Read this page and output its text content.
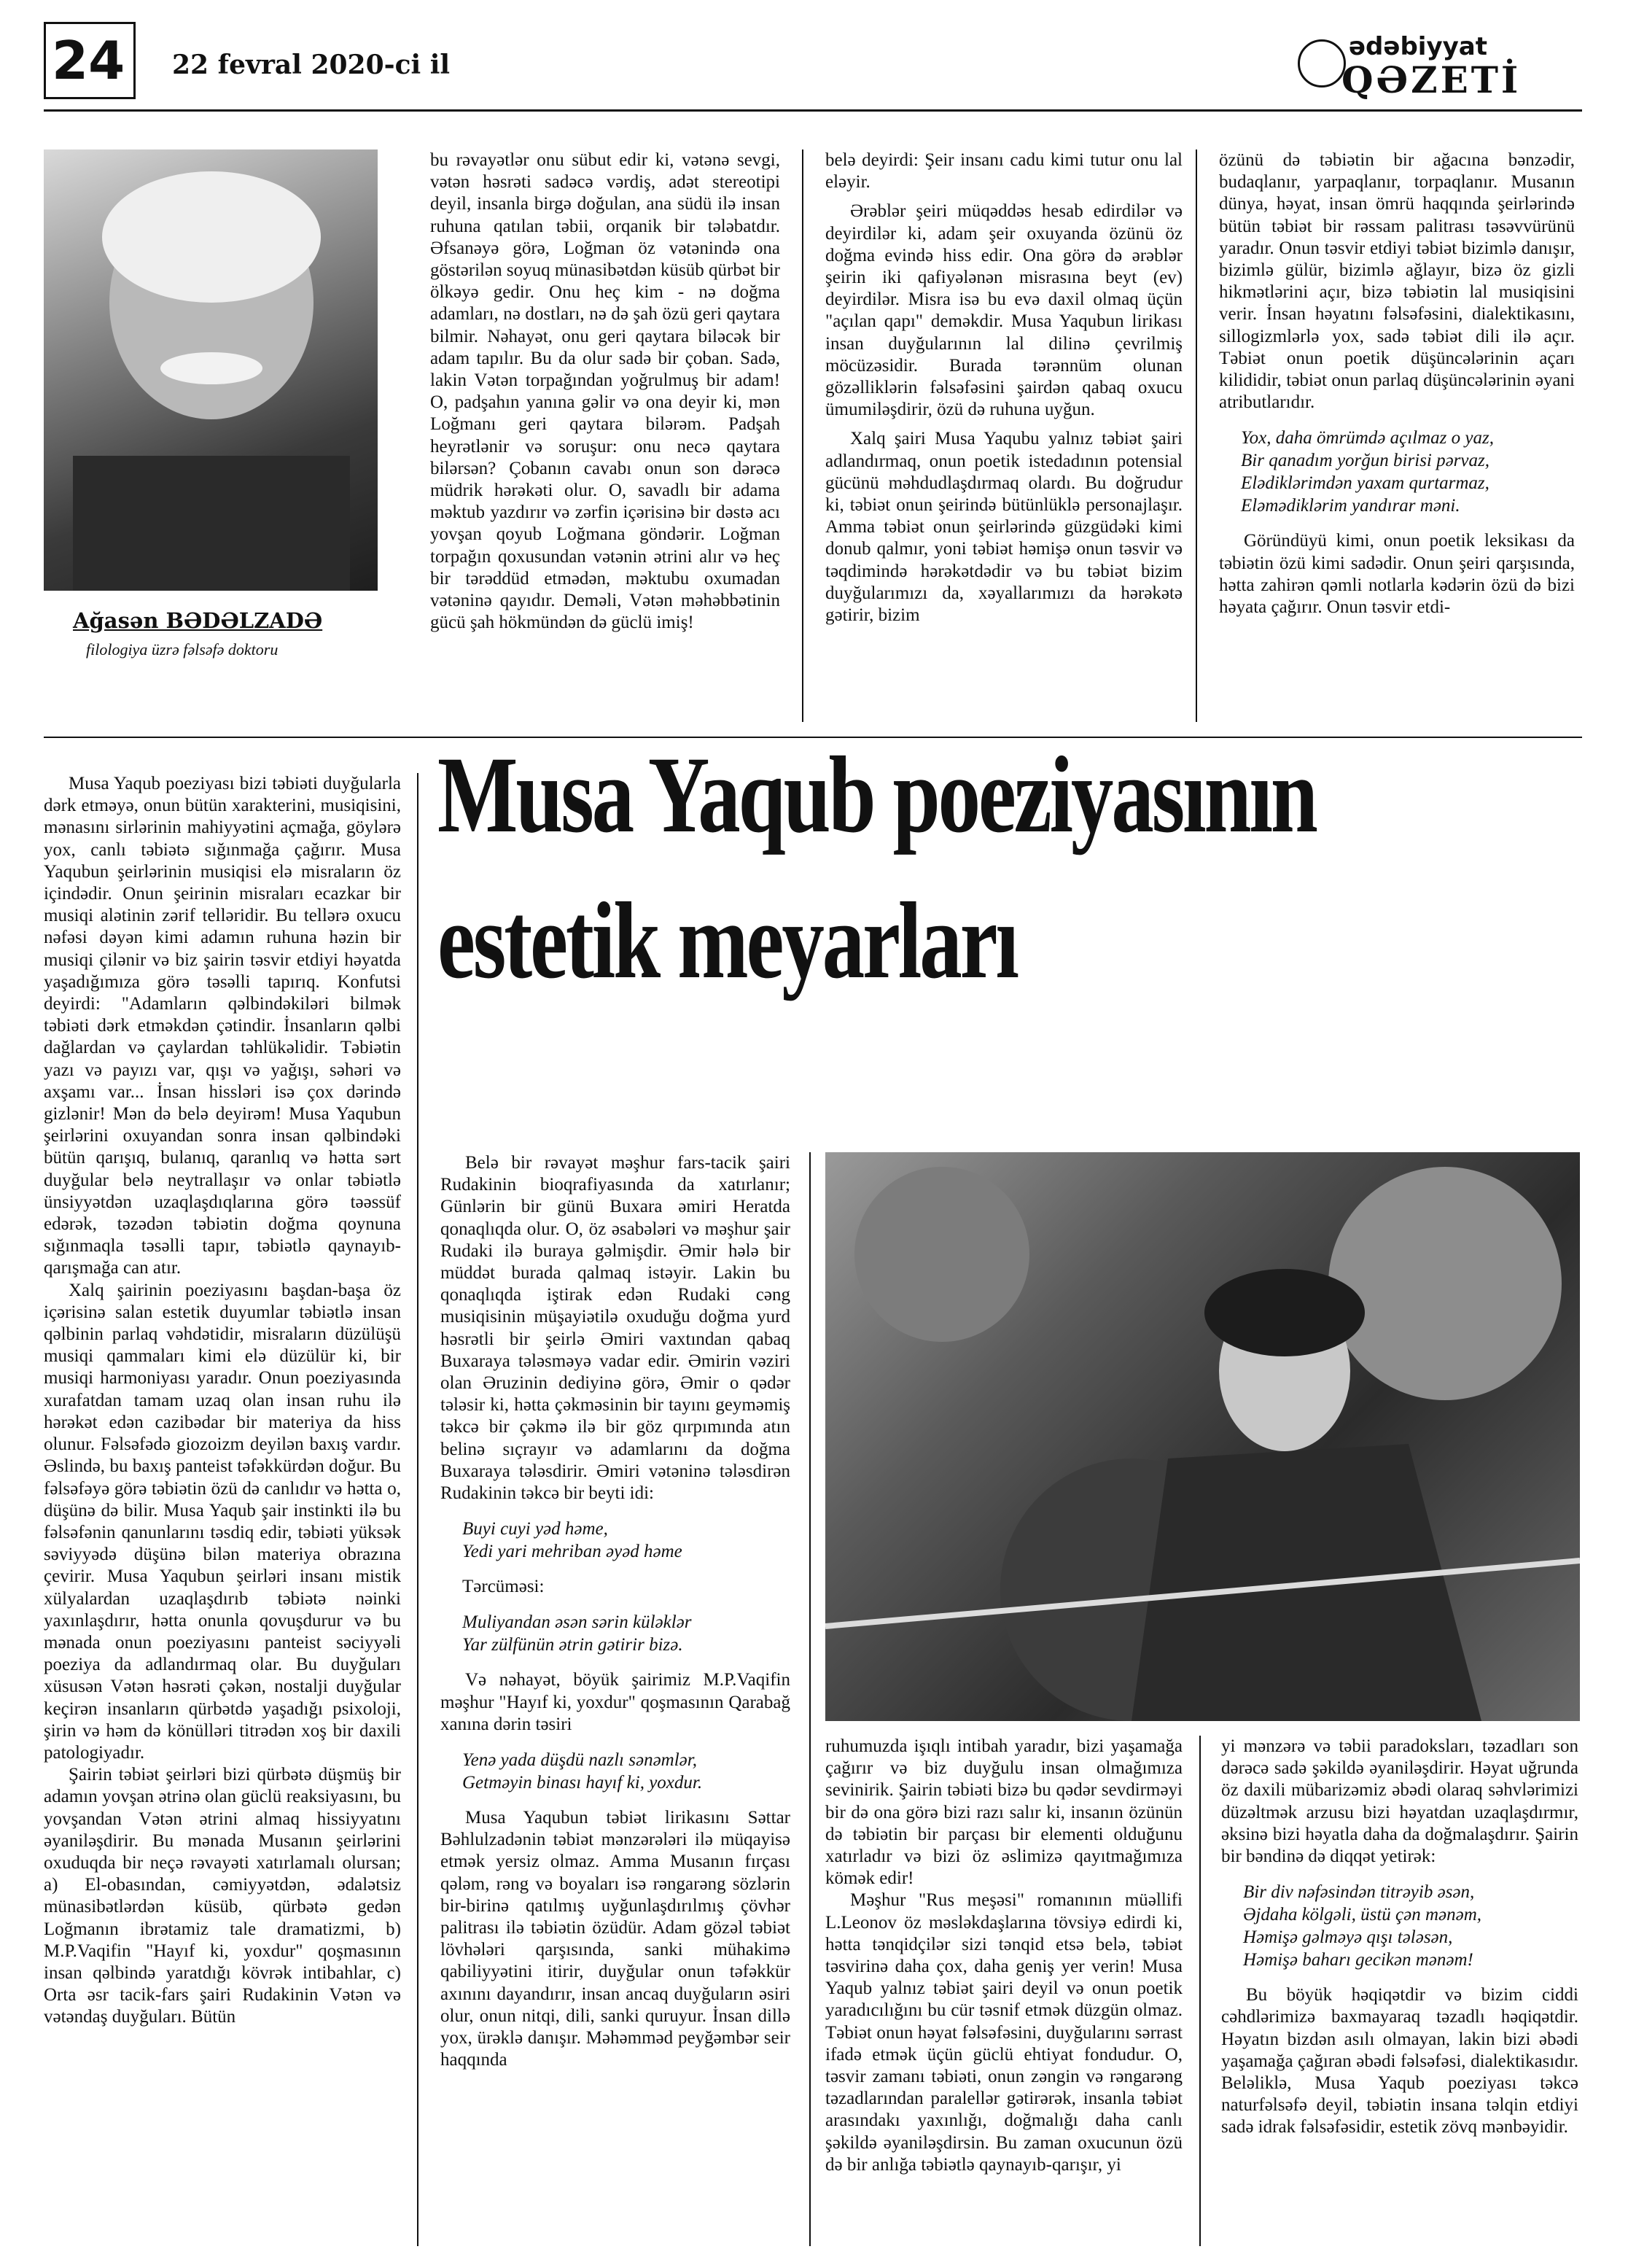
24 22 fevral 2020-ci il
ədəbiyyat
QƏZETİ
Ağasən BƏDƏLZADƏ
filologiya üzrə fəlsəfə doktoru

bu rəvayətlər onu sübut edir ki, vətənə sevgi, vətən həsrəti sadəcə vərdiş, adət stereotipi deyil, insanla birgə doğulan, ana südü ilə insan ruhuna qatılan təbii, orqanik bir tələbatdır. Əfsanəyə görə, Loğman öz vətənində ona göstərilən soyuq münasibətdən küsüb qürbət bir ölkəyə gedir. Onu heç kim - nə doğma adamları, nə dostları, nə də şah özü geri qaytara bilmir. Nəhayət, onu geri qaytara biləcək bir adam tapılır. Bu da olur sadə bir çoban. Sadə, lakin Vətən torpağından yoğrulmuş bir adam! O, padşahın yanına gəlir və ona deyir ki, mən Loğmanı geri qaytara bilərəm. Padşah heyrətlənir və soruşur: onu necə qaytara bilərsən? Çobanın cavabı onun son dərəcə müdrik hərəkəti olur. O, savadlı bir adama məktub yazdırır və zərfin içərisinə bir dəstə acı yovşan qoyub Loğmana göndərir. Loğman torpağın qoxusundan vətənin ətrini alır və heç bir tərəddüd etmədən, məktubu oxumadan vətəninə qayıdır. Deməli, Vətən məhəbbətinin gücü şah hökmündən də güclü imiş!

belə deyirdi: Şeir insanı cadu kimi tutur onu lal eləyir.

Ərəblər şeiri müqəddəs hesab edirdilər və deyirdilər ki, adam şeir oxuyanda özünü öz doğma evində hiss edir. Ona görə də ərəblər şeirin iki qafiyələnən misrasına beyt (ev) deyirdilər. Misra isə bu evə daxil olmaq üçün "açılan qapı" deməkdir. Musa Yaqubun lirikası insan duyğularının lal dilinə çevrilmiş möcüzəsidir. Burada tərənnüm olunan gözəlliklərin fəlsəfəsini şairdən qabaq oxucu ümumiləşdirir, özü də ruhuna uyğun.

Xalq şairi Musa Yaqubu yalnız təbiət şairi adlandırmaq, onun poetik istedadının potensial gücünü məhdudlaşdırmaq olardı. Bu doğrudur ki, təbiət onun şeirində bütünlüklə personajlaşır. Amma təbiət onun şeirlərində güzgüdəki kimi donub qalmır, yoni təbiət həmişə onun təsvir və təqdimində hərəkətdədir və bu təbiət bizim duyğularımızı da, xəyallarımızı da hərəkətə gətirir, bizim

özünü də təbiətin bir ağacına bənzədir, budaqlanır, yarpaqlanır, torpaqlanır. Musanın dünya, həyat, insan ömrü haqqında şeirlərində bütün təbiət bir rəssam palitrası təsəvvürünü yaradır. Onun təsvir etdiyi təbiət bizimlə danışır, bizimlə gülür, bizimlə ağlayır, bizə öz gizli hikmətlərini açır, bizə təbiətin lal musiqisini verir. İnsan həyatını fəlsəfəsini, dialektikasını, sillogizmlərlə yox, sadə təbiət dili ilə açır. Təbiət onun poetik düşüncələrinin açarı kilididir, təbiət onun parlaq düşüncələrinin əyani atributlarıdır.

Yox, daha ömrümdə açılmaz o yaz,
Bir qanadım yorğun birisi pərvaz,
Elədiklərimdən yaxam qurtarmaz,
Eləmədiklərim yandırar məni.

Göründüyü kimi, onun poetik leksikası da təbiətin özü kimi sadədir. Onun şeiri qarşısında, hətta zahirən qəmli notlarla kədərin özü də bizi həyata çağırır. Onun təsvir etdi-

Musa Yaqub poeziyasının
estetik meyarları

Musa Yaqub poeziyası bizi təbiəti duyğularla dərk etməyə, onun bütün xarakterini, musiqisini, mənasını sirlərinin mahiyyətini açmağa, göylərə yox, canlı təbiətə sığınmağa çağırır. Musa Yaqubun şeirlərinin musiqisi elə misraların öz içindədir. Onun şeirinin misraları ecazkar bir musiqi alətinin zərif telləridir. Bu tellərə oxucu nəfəsi dəyən kimi adamın ruhuna həzin bir musiqi çilənir və biz şairin təsvir etdiyi həyatda yaşadığımıza görə təsəlli tapırıq. Konfutsi deyirdi: "Adamların qəlbindəkiləri bilmək təbiəti dərk etməkdən çətindir. İnsanların qəlbi dağlardan və çaylardan təhlükəlidir. Təbiətin yazı və payızı var, qışı və yağışı, səhəri və axşamı var... İnsan hissləri isə çox dərində gizlənir! Mən də belə deyirəm! Musa Yaqubun şeirlərini oxuyandan sonra insan qəlbindəki bütün qarışıq, bulanıq, qaranlıq və hətta sərt duyğular belə neytrallaşır və onlar təbiətlə ünsiyyətdən uzaqlaşdıqlarına görə təəssüf edərək, təzədən təbiətin doğma qoynuna sığınmaqla təsəlli tapır, təbiətlə qaynayıb-qarışmağa can atır.

Xalq şairinin poeziyasını başdan-başa öz içərisinə salan estetik duyumlar təbiətlə insan qəlbinin parlaq vəhdətidir, misraların düzülüşü musiqi qammaları kimi elə düzülür ki, bir musiqi harmoniyası yaradır. Onun poeziyasında xurafatdan tamam uzaq olan insan ruhu ilə hərəkət edən cazibədar bir materiya da hiss olunur. Fəlsəfədə giozoizm deyilən baxış vardır. Əslində, bu baxış panteist təfəkkürdən doğur. Bu fəlsəfəyə görə təbiətin özü də canlıdır və hətta o, düşünə də bilir. Musa Yaqub şair instinkti ilə bu fəlsəfənin qanunlarını təsdiq edir, təbiəti yüksək səviyyədə düşünə bilən materiya obrazına çevirir. Musa Yaqubun şeirləri insanı mistik xülyalardan uzaqlaşdırıb təbiətə nəinki yaxınlaşdırır, hətta onunla qovuşdurur və bu mənada onun poeziyasını panteist səciyyəli poeziya da adlandırmaq olar. Bu duyğuları xüsusən Vətən həsrəti çəkən, nostalji duyğular keçirən insanların qürbətdə yaşadığı psixoloji, şirin və həm də könülləri titrədən xoş bir daxili patologiyadır.

Şairin təbiət şeirləri bizi qürbətə düşmüş bir adamın yovşan ətrinə olan güclü reaksiyasını, bu yovşandan Vətən ətrini almaq hissiyyatını əyaniləşdirir. Bu mənada Musanın şeirlərini oxuduqda bir neçə rəvayəti xatırlamalı olursan; a) El-obasından, cəmiyyətdən, ədalətsiz münasibətlərdən küsüb, qürbətə gedən Loğmanın ibrətamiz tale dramatizmi, b) M.P.Vaqifin "Hayıf ki, yoxdur" qoşmasının insan qəlbində yaratdığı kövrək intibahlar, c) Orta əsr tacik-fars şairi Rudakinin Vətən və vətəndaş duyğuları. Bütün

Belə bir rəvayət məşhur fars-tacik şairi Rudakinin bioqrafiyasında da xatırlanır; Günlərin bir günü Buxara əmiri Heratda qonaqlıqda olur. O, öz əsabələri və məşhur şair Rudaki ilə buraya gəlmişdir. Əmir hələ bir müddət burada qalmaq istəyir. Lakin bu qonaqlıqda iştirak edən Rudaki cəng musiqisinin müşayiətilə oxuduğu doğma yurd həsrətli bir şeirlə Əmiri vaxtından qabaq Buxaraya tələsməyə vadar edir. Əmirin vəziri olan Əruzinin dediyinə görə, Əmir o qədər tələsir ki, hətta çəkməsinin bir tayını geyməmiş təkcə bir çəkmə ilə bir göz qırpımında atın belinə sıçrayır və adamlarını da doğma Buxaraya tələsdirir. Əmiri vətəninə tələsdirən Rudakinin təkcə bir beyti idi:

Buyi cuyi yəd həme,
Yedi yari mehriban əyəd həme

Tərcüməsi:

Muliyandan əsən sərin küləklər
Yar zülfünün ətrin gətirir bizə.

Və nəhayət, böyük şairimiz M.P.Vaqifin məşhur "Hayıf ki, yoxdur" qoşmasının Qarabağ xanına dərin təsiri

Yenə yada düşdü nazlı sənəmlər,
Getməyin binası hayıf ki, yoxdur.

Musa Yaqubun təbiət lirikasını Səttar Bəhlulzadənin təbiət mənzərələri ilə müqayisə etmək yersiz olmaz. Amma Musanın fırçası qələm, rəng və boyaları isə rəngarəng sözlərin bir-birinə qatılmış uyğunlaşdırılmış çövhər palitrası ilə təbiətin özüdür. Adam gözəl təbiət lövhələri qarşısında, sanki mühakimə qabiliyyətini itirir, duyğular onun təfəkkür axınını dayandırır, insan ancaq duyğuların əsiri olur, onun nitqi, dili, sanki quruyur. İnsan dillə yox, ürəklə danışır. Məhəmməd peyğəmbər seir haqqında

ruhumuzda işıqlı intibah yaradır, bizi yaşamağa çağırır və biz duyğulu insan olmağımıza sevinirik. Şairin təbiəti bizə bu qədər sevdirməyi bir də ona görə bizi razı salır ki, insanın özünün də təbiətin bir parçası bir elementi olduğunu xatırladır və bizi öz əslimizə qayıtmağımıza kömək edir!

Məşhur "Rus meşəsi" romanının müəllifi L.Leonov öz məsləkdaşlarına tövsiyə edirdi ki, hətta tənqidçilər sizi tənqid etsə belə, təbiət təsvirinə daha çox, daha geniş yer verin! Musa Yaqub yalnız təbiət şairi deyil və onun poetik yaradıcılığını bu cür təsnif etmək düzgün olmaz. Təbiət onun həyat fəlsəfəsini, duyğularını sərrast ifadə etmək üçün güclü ehtiyat fondudur. O, təsvir zamanı təbiəti, onun zəngin və rəngarəng təzadlarından paralellər gətirərək, insanla təbiət arasındakı yaxınlığı, doğmalığı daha canlı şəkildə əyaniləşdirsin. Bu zaman oxucunun özü də bir anlığa təbiətlə qaynayıb-qarışır, yi

yi mənzərə və təbii paradoksları, təzadları son dərəcə sadə şəkildə əyaniləşdirir. Həyat uğrunda öz daxili mübarizəmiz əbədi olaraq səhvlərimizi düzəltmək arzusu bizi həyatdan uzaqlaşdırmır, əksinə bizi həyatla daha da doğmalaşdırır. Şairin bir bəndinə də diqqət yetirək:

Bir div nəfəsindən titrəyib əsən,
Əjdaha kölgəli, üstü çən mənəm,
Həmişə gəlməyə qışı tələsən,
Həmişə baharı gecikən mənəm!

Bu böyük həqiqətdir və bizim ciddi cəhdlərimizə baxmayaraq təzadlı həqiqətdir. Həyatın bizdən asılı olmayan, lakin bizi əbədi yaşamağa çağıran əbədi fəlsəfəsi, dialektikasıdır. Beləliklə, Musa Yaqub poeziyası təkcə naturfəlsəfə deyil, təbiətin insana təlqin etdiyi sadə idrak fəlsəfəsidir, estetik zövq mənbəyidir.
